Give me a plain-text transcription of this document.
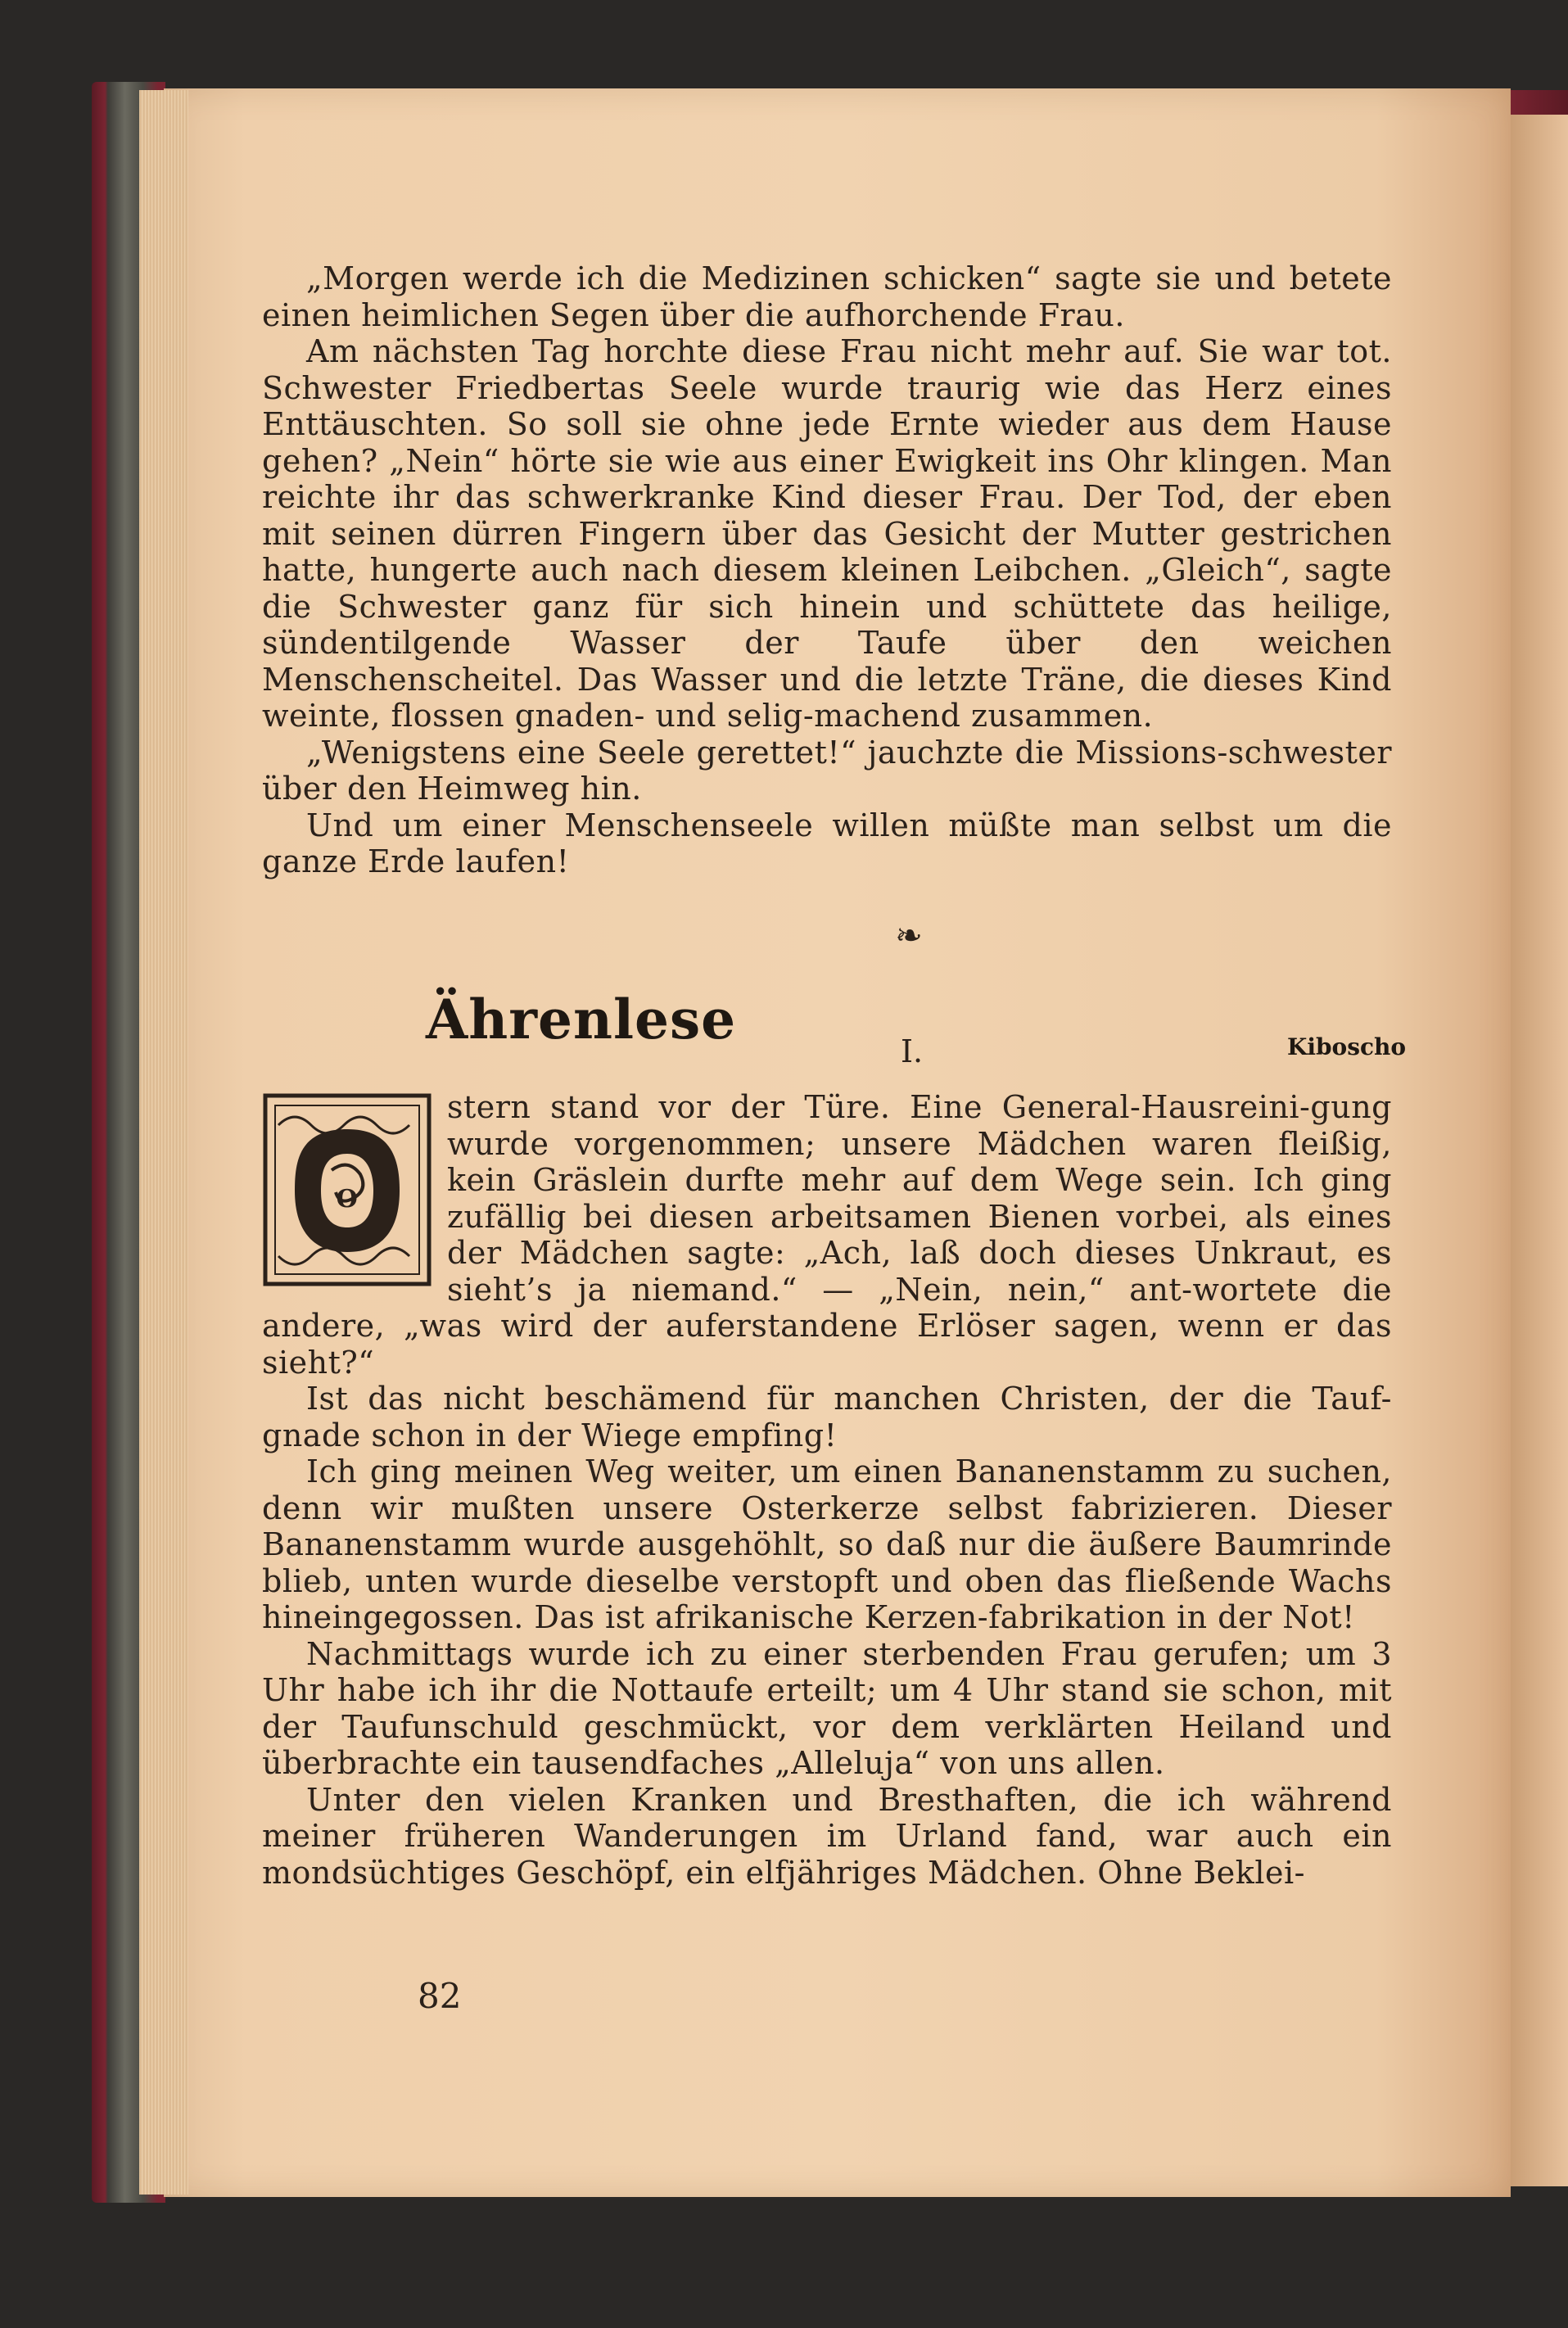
„Morgen werde ich die Medizinen schicken“ sagte sie und betete einen heimlichen Segen über die aufhorchende Frau.

Am nächsten Tag horchte diese Frau nicht mehr auf. Sie war tot. Schwester Friedbertas Seele wurde traurig wie das Herz eines Enttäuschten. So soll sie ohne jede Ernte wieder aus dem Hause gehen? „Nein“ hörte sie wie aus einer Ewigkeit ins Ohr klingen. Man reichte ihr das schwerkranke Kind dieser Frau. Der Tod, der eben mit seinen dürren Fingern über das Gesicht der Mutter gestrichen hatte, hungerte auch nach diesem kleinen Leibchen. „Gleich“, sagte die Schwester ganz für sich hinein und schüttete das heilige, sündentilgende Wasser der Taufe über den weichen Menschenscheitel. Das Wasser und die letzte Träne, die dieses Kind weinte, flossen gnaden- und selig-machend zusammen.

„Wenigstens eine Seele gerettet!“ jauchzte die Missions-schwester über den Heimweg hin.

Und um einer Menschenseele willen müßte man selbst um die ganze Erde laufen!

❧
Ährenlese	I.	Kiboscho
O

stern stand vor der Türe. Eine General-Hausreini-gung wurde vorgenommen; unsere Mädchen waren fleißig, kein Gräslein durfte mehr auf dem Wege sein. Ich ging zufällig bei diesen arbeitsamen Bienen vorbei, als eines der Mädchen sagte: „Ach, laß doch dieses Unkraut, es sieht’s ja niemand.“ — „Nein, nein,“ ant-wortete die andere, „was wird der auferstandene Erlöser sagen, wenn er das sieht?“

Ist das nicht beschämend für manchen Christen, der die Tauf-gnade schon in der Wiege empfing!

Ich ging meinen Weg weiter, um einen Bananenstamm zu suchen, denn wir mußten unsere Osterkerze selbst fabrizieren. Dieser Bananenstamm wurde ausgehöhlt, so daß nur die äußere Baumrinde blieb, unten wurde dieselbe verstopft und oben das fließende Wachs hineingegossen. Das ist afrikanische Kerzen-fabrikation in der Not!

Nachmittags wurde ich zu einer sterbenden Frau gerufen; um 3 Uhr habe ich ihr die Nottaufe erteilt; um 4 Uhr stand sie schon, mit der Taufunschuld geschmückt, vor dem verklärten Heiland und überbrachte ein tausendfaches „Alleluja“ von uns allen.

Unter den vielen Kranken und Bresthaften, die ich während meiner früheren Wanderungen im Urland fand, war auch ein mondsüchtiges Geschöpf, ein elfjähriges Mädchen. Ohne Beklei-

82
